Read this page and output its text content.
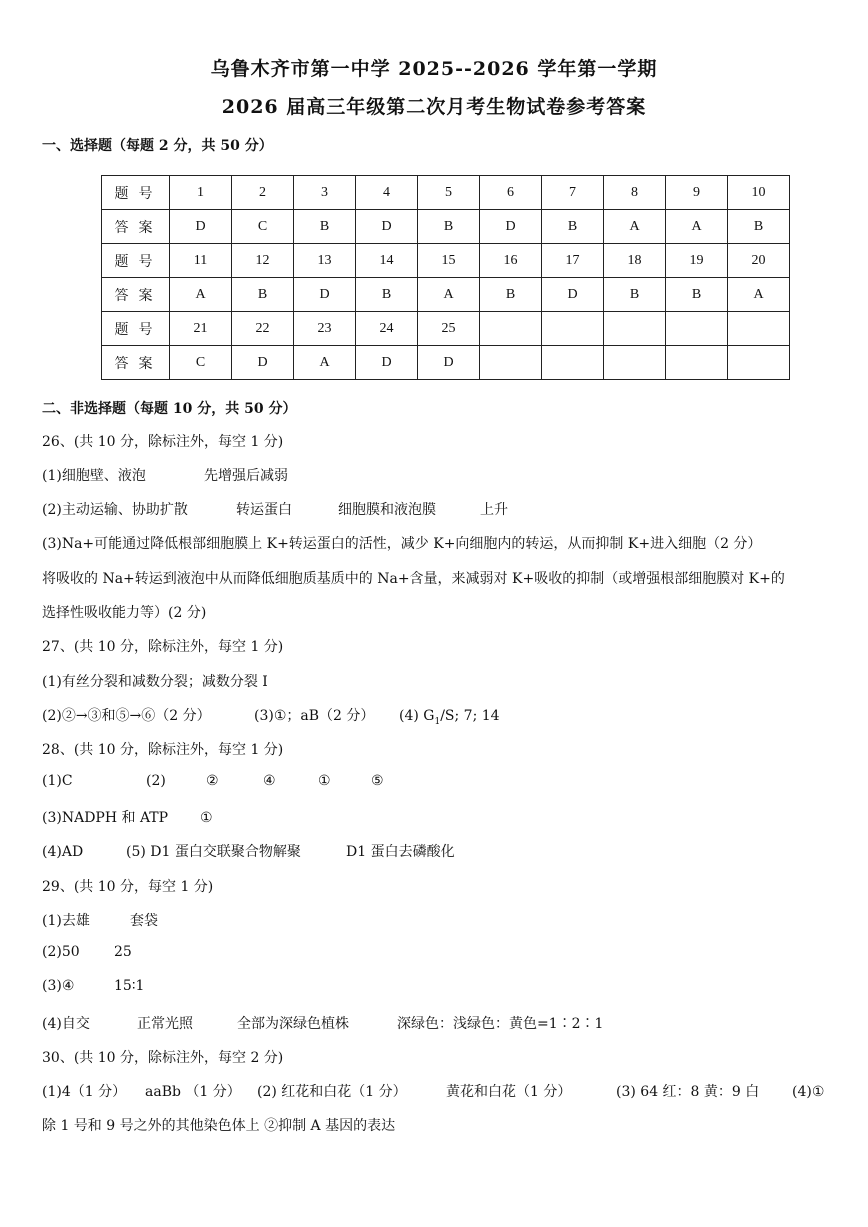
乌鲁木齐市第一中学 2025--2026 学年第一学期
2026 届高三年级第二次月考生物试卷参考答案
一、选择题（每题 2 分，共 50 分）
题号	1	2	3	4	5	6	7	8	9	10
答案	D	C	B	D	B	D	B	A	A	B
题号	11	12	13	14	15	16	17	18	19	20
答案	A	B	D	B	A	B	D	B	B	A
题号	21	22	23	24	25					
答案	C	D	A	D	D					
二、非选择题（每题 10 分，共 50 分）
26、(共 10 分，除标注外，每空 1 分)
(1)细胞壁、液泡	先增强后减弱
(2)主动运输、协助扩散	转运蛋白	细胞膜和液泡膜	上升
(3)Na+可能通过降低根部细胞膜上 K+转运蛋白的活性，减少 K+向细胞内的转运，从而抑制 K+进入细胞（2 分）
将吸收的 Na+转运到液泡中从而降低细胞质基质中的 Na+含量，来减弱对 K+吸收的抑制（或增强根部细胞膜对 K+的
选择性吸收能力等）(2 分)
27、(共 10 分，除标注外，每空 1 分)
(1)有丝分裂和减数分裂；减数分裂 I
(2)②→③和⑤→⑥（2 分）	(3)①；aB（2 分） (4) $G_1/S$; 7; 14
28、(共 10 分，除标注外，每空 1 分)
(1)C	(2)	②	④	①	⑤
(3)NADPH 和 ATP ①
(4)AD	(5) D1 蛋白交联聚合物解聚	D1 蛋白去磷酸化
29、(共 10 分，每空 1 分)
(1)去雄	套袋
(2)50 25
(3)④	15∶1
(4)自交	正常光照	全部为深绿色植株	深绿色：浅绿色：黄色=1∶2∶1
30、(共 10 分，除标注外，每空 2 分)
(1)4（1 分） aaBb （1 分） (2) 红花和白花（1 分）	黄花和白花（1 分）	(3) 64 红：8 黄：9 白 (4)①
除 1 号和 9 号之外的其他染色体上 ②抑制 A 基因的表达
